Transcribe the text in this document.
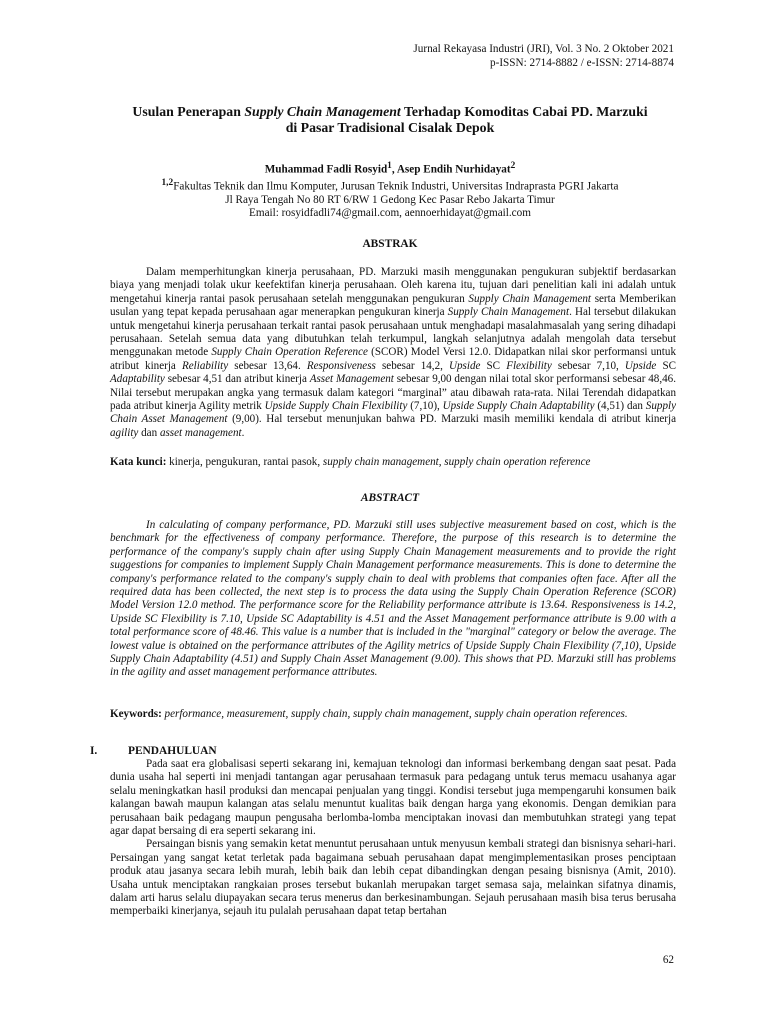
Jurnal Rekayasa Industri (JRI), Vol. 3 No. 2 Oktober 2021
p-ISSN: 2714-8882 / e-ISSN: 2714-8874
Usulan Penerapan Supply Chain Management Terhadap Komoditas Cabai PD. Marzuki
di Pasar Tradisional Cisalak Depok
Muhammad Fadli Rosyid$^1$, Asep Endih Nurhidayat$^2$
$^{1,2}$Fakultas Teknik dan Ilmu Komputer, Jurusan Teknik Industri, Universitas Indraprasta PGRI Jakarta
Jl Raya Tengah No 80 RT 6/RW 1 Gedong Kec Pasar Rebo Jakarta Timur
Email: rosyidfadli74@gmail.com, aennoerhidayat@gmail.com
ABSTRAK

Dalam memperhitungkan kinerja perusahaan, PD. Marzuki masih menggunakan pengukuran subjektif berdasarkan biaya yang menjadi tolak ukur keefektifan kinerja perusahaan. Oleh karena itu, tujuan dari penelitian kali ini adalah untuk mengetahui kinerja rantai pasok perusahaan setelah menggunakan pengukuran Supply Chain Management serta Memberikan usulan yang tepat kepada perusahaan agar menerapkan pengukuran kinerja Supply Chain Management. Hal tersebut dilakukan untuk mengetahui kinerja perusahaan terkait rantai pasok perusahaan untuk menghadapi masalahmasalah yang sering dihadapi perusahaan. Setelah semua data yang dibutuhkan telah terkumpul, langkah selanjutnya adalah mengolah data tersebut menggunakan metode Supply Chain Operation Reference (SCOR) Model Versi 12.0. Didapatkan nilai skor performansi untuk atribut kinerja Reliability sebesar 13,64. Responsiveness sebesar 14,2, Upside SC Flexibility sebesar 7,10, Upside SC Adaptability sebesar 4,51 dan atribut kinerja Asset Management sebesar 9,00 dengan nilai total skor performansi sebesar 48,46. Nilai tersebut merupakan angka yang termasuk dalam kategori “marginal” atau dibawah rata-rata. Nilai Terendah didapatkan pada atribut kinerja Agility metrik Upside Supply Chain Flexibility (7,10), Upside Supply Chain Adaptability (4,51) dan Supply Chain Asset Management (9,00). Hal tersebut menunjukan bahwa PD. Marzuki masih memiliki kendala di atribut kinerja agility dan asset management.

Kata kunci: kinerja, pengukuran, rantai pasok, supply chain management, supply chain operation reference
ABSTRACT

In calculating of company performance, PD. Marzuki still uses subjective measurement based on cost, which is the benchmark for the effectiveness of company performance. Therefore, the purpose of this research is to determine the performance of the company's supply chain after using Supply Chain Management measurements and to provide the right suggestions for companies to implement Supply Chain Management performance measurements. This is done to determine the company's performance related to the company's supply chain to deal with problems that companies often face. After all the required data has been collected, the next step is to process the data using the Supply Chain Operation Reference (SCOR) Model Version 12.0 method. The performance score for the Reliability performance attribute is 13.64. Responsiveness is 14.2, Upside SC Flexibility is 7.10, Upside SC Adaptability is 4.51 and the Asset Management performance attribute is 9.00 with a total performance score of 48.46. This value is a number that is included in the "marginal" category or below the average. The lowest value is obtained on the performance attributes of the Agility metrics of Upside Supply Chain Flexibility (7,10), Upside Supply Chain Adaptability (4.51) and Supply Chain Asset Management (9.00). This shows that PD. Marzuki still has problems in the agility and asset management performance attributes.

Keywords: performance, measurement, supply chain, supply chain management, supply chain operation references.
I.	PENDAHULUAN

Pada saat era globalisasi seperti sekarang ini, kemajuan teknologi dan informasi berkembang dengan saat pesat. Pada dunia usaha hal seperti ini menjadi tantangan agar perusahaan termasuk para pedagang untuk terus memacu usahanya agar selalu meningkatkan hasil produksi dan mencapai penjualan yang tinggi. Kondisi tersebut juga mempengaruhi konsumen baik kalangan bawah maupun kalangan atas selalu menuntut kualitas baik dengan harga yang ekonomis. Dengan demikian para perusahaan baik pedagang maupun pengusaha berlomba-lomba menciptakan inovasi dan membutuhkan strategi yang tepat agar dapat bersaing di era seperti sekarang ini.

Persaingan bisnis yang semakin ketat menuntut perusahaan untuk menyusun kembali strategi dan bisnisnya sehari-hari. Persaingan yang sangat ketat terletak pada bagaimana sebuah perusahaan dapat mengimplementasikan proses penciptaan produk atau jasanya secara lebih murah, lebih baik dan lebih cepat dibandingkan dengan pesaing bisnisnya (Amit, 2010). Usaha untuk menciptakan rangkaian proses tersebut bukanlah merupakan target semasa saja, melainkan sifatnya dinamis, dalam arti harus selalu diupayakan secara terus menerus dan berkesinambungan. Sejauh perusahaan masih bisa terus berusaha memperbaiki kinerjanya, sejauh itu pulalah perusahaan dapat tetap bertahan

62
